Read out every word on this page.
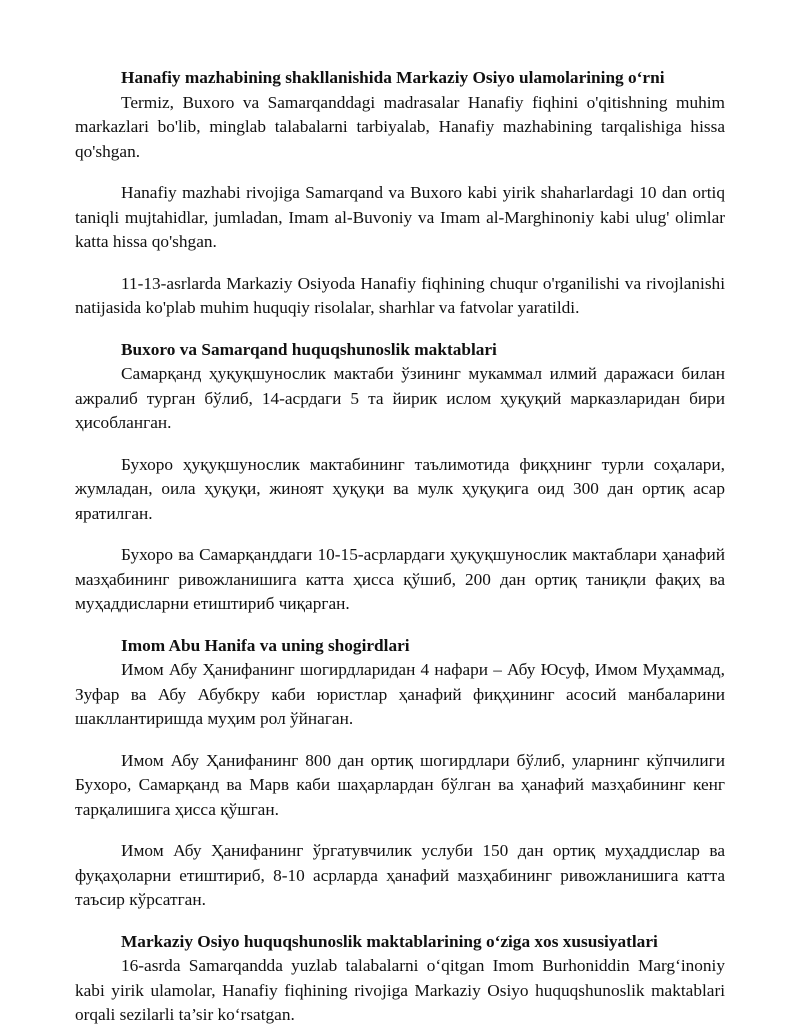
Hanafiy mazhabining shakllanishida Markaziy Osiyo ulamolarining o‘rni

Termiz, Buxoro va Samarqanddagi madrasalar Hanafiy fiqhini o'qitishning muhim markazlari bo'lib, minglab talabalarni tarbiyalab, Hanafiy mazhabining tarqalishiga hissa qo'shgan.

Hanafiy mazhabi rivojiga Samarqand va Buxoro kabi yirik shaharlardagi 10 dan ortiq taniqli mujtahidlar, jumladan, Imam al-Buvoniy va Imam al-Marghinoniy kabi ulug' olimlar katta hissa qo'shgan.

11-13-asrlarda Markaziy Osiyoda Hanafiy fiqhining chuqur o'rganilishi va rivojlanishi natijasida ko'plab muhim huquqiy risolalar, sharhlar va fatvolar yaratildi.

Buxoro va Samarqand huquqshunoslik maktablari

Самарқанд ҳуқуқшунослик мактаби ўзининг мукаммал илмий даражаси билан ажралиб турган бўлиб, 14-асрдаги 5 та йирик ислом ҳуқуқий марказларидан бири ҳисобланган.

Бухоро ҳуқуқшунослик мактабининг таълимотида фиқҳнинг турли соҳалари, жумладан, оила ҳуқуқи, жиноят ҳуқуқи ва мулк ҳуқуқига оид 300 дан ортиқ асар яратилган.

Бухоро ва Самарқанддаги 10-15-асрлардаги ҳуқуқшунослик мактаблари ҳанафий мазҳабининг ривожланишига катта ҳисса қўшиб, 200 дан ортиқ таниқли фақиҳ ва муҳаддисларни етиштириб чиқарган.

Imom Abu Hanifa va uning shogirdlari

Имом Абу Ҳанифанинг шогирдларидан 4 нафари – Абу Юсуф, Имом Муҳаммад, Зуфар ва Абу Абубкру каби юристлар ҳанафий фиқҳининг асосий манбаларини шакллантиришда муҳим рол ўйнаган.

Имом Абу Ҳанифанинг 800 дан ортиқ шогирдлари бўлиб, уларнинг кўпчилиги Бухоро, Самарқанд ва Марв каби шаҳарлардан бўлган ва ҳанафий мазҳабининг кенг тарқалишига ҳисса қўшган.

Имом Абу Ҳанифанинг ўргатувчилик услуби 150 дан ортиқ муҳаддислар ва фуқаҳоларни етиштириб, 8-10 асрларда ҳанафий мазҳабининг ривожланишига катта таъсир кўрсатган.

Markaziy Osiyo huquqshunoslik maktablarining o‘ziga xos xususiyatlari

16-asrda Samarqandda yuzlab talabalarni o‘qitgan Imom Burhoniddin Marg‘inoniy kabi yirik ulamolar, Hanafiy fiqhining rivojiga Markaziy Osiyo huquqshunoslik maktablari orqali sezilarli ta’sir ko‘rsatgan.
